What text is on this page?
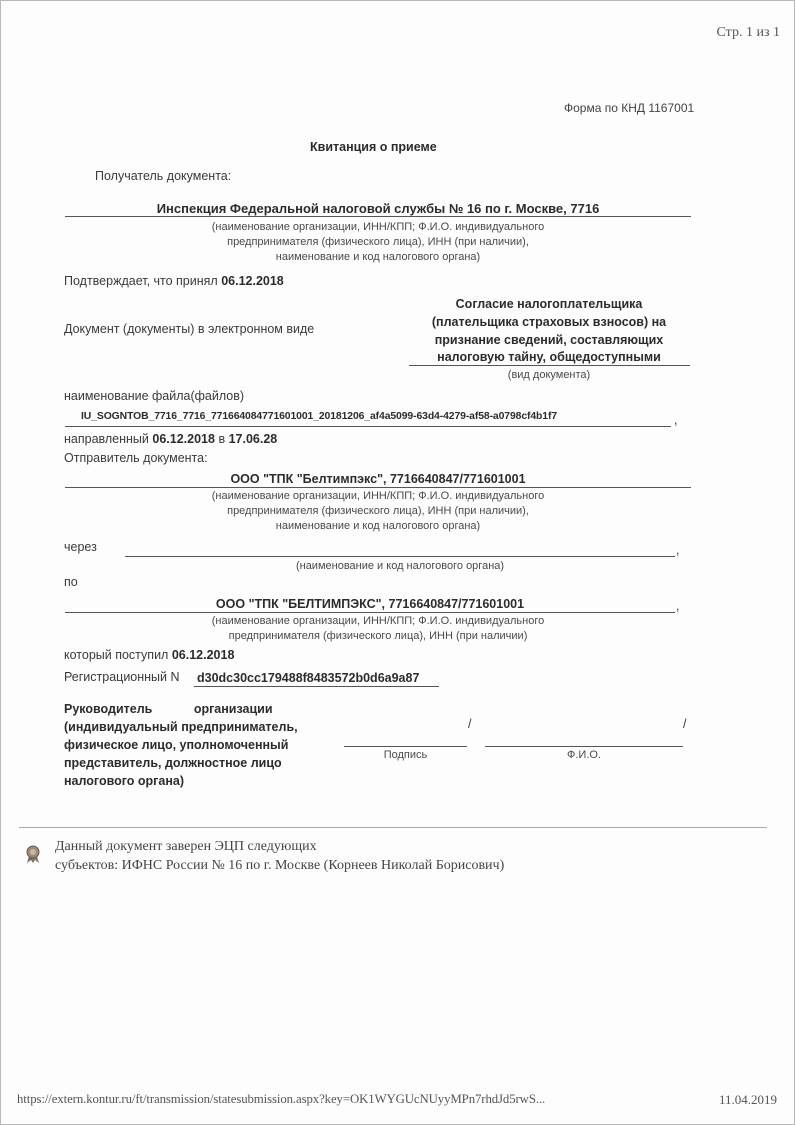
Стр. 1 из 1
Форма по КНД 1167001
Квитанция о приеме
Получатель документа:
Инспекция Федеральной налоговой службы № 16 по г. Москве, 7716
(наименование организации, ИНН/КПП; Ф.И.О. индивидуального
предпринимателя (физического лица), ИНН (при наличии),
наименование и код налогового органа)
Подтверждает, что принял 06.12.2018
Документ (документы) в электронном виде
Согласие налогоплательщика
(плательщика страховых взносов) на
признание сведений, составляющих
налоговую тайну, общедоступными
(вид документа)
наименование файла(файлов)
IU_SOGNTOB_7716_7716_771664084771601001_20181206_af4a5099-63d4-4279-af58-a0798cf4b1f7	,
направленный 06.12.2018 в 17.06.28
Отправитель документа:
ООО "ТПК "Белтимпэкс", 7716640847/771601001
(наименование организации, ИНН/КПП; Ф.И.О. индивидуального
предпринимателя (физического лица), ИНН (при наличии),
наименование и код налогового органа)
через	,
(наименование и код налогового органа)
по
ООО "ТПК "БЕЛТИМПЭКС", 7716640847/771601001	,
(наименование организации, ИНН/КПП; Ф.И.О. индивидуального
предпринимателя (физического лица), ИНН (при наличии)
который поступил 06.12.2018
Регистрационный N d30dc30cc179488f8483572b0d6a9a87
Руководитель	организации
(индивидуальный предприниматель,
физическое лицо, уполномоченный
представитель, должностное лицо
налогового органа)
/	/
Подпись	Ф.И.О.
Данный документ заверен ЭЦП следующих
субъектов: ИФНС России № 16 по г. Москве (Корнеев Николай Борисович)
https://extern.kontur.ru/ft/transmission/statesubmission.aspx?key=OK1WYGUcNUyyMPn7rhdJd5rwS...	11.04.2019
